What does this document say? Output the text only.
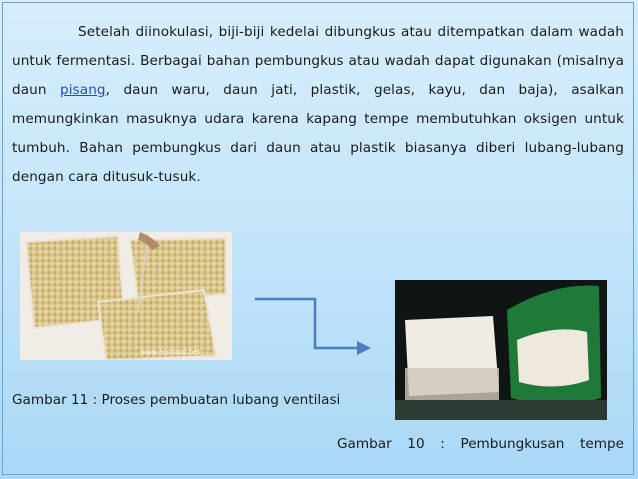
Setelah diinokulasi, biji-biji kedelai dibungkus atau ditempatkan dalam wadah untuk fermentasi. Berbagai bahan pembungkus atau wadah dapat digunakan (misalnya daun pisang, daun waru, daun jati, plastik, gelas, kayu, dan baja), asalkan memungkinkan masuknya udara karena kapang tempe membutuhkan oksigen untuk tumbuh. Bahan pembungkus dari daun atau plastik biasanya diberi lubang-lubang dengan cara ditusuk-tusuk.

www.ecofood.net
Gambar 11 : Proses pembuatan lubang ventilasi
Gambar 10 : Pembungkusan tempe
